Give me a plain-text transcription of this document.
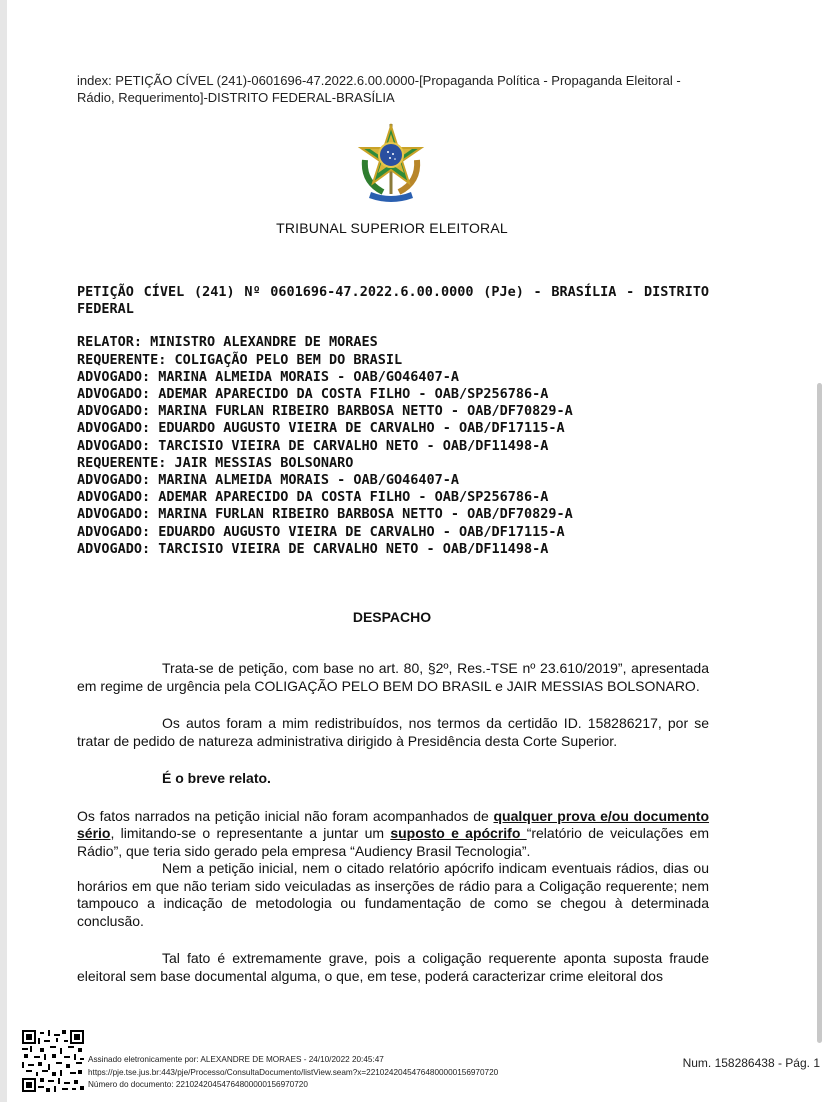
index: PETIÇÃO CÍVEL (241)-0601696-47.2022.6.00.0000-[Propaganda Política - Propaganda Eleitoral - Rádio, Requerimento]-DISTRITO FEDERAL-BRASÍLIA
TRIBUNAL SUPERIOR ELEITORAL
PETIÇÃO CÍVEL (241) Nº 0601696-47.2022.6.00.0000 (PJe) - BRASÍLIA - DISTRITO FEDERAL
RELATOR: MINISTRO ALEXANDRE DE MORAES
REQUERENTE: COLIGAÇÃO PELO BEM DO BRASIL
ADVOGADO: MARINA ALMEIDA MORAIS - OAB/GO46407-A
ADVOGADO: ADEMAR APARECIDO DA COSTA FILHO - OAB/SP256786-A
ADVOGADO: MARINA FURLAN RIBEIRO BARBOSA NETTO - OAB/DF70829-A
ADVOGADO: EDUARDO AUGUSTO VIEIRA DE CARVALHO - OAB/DF17115-A
ADVOGADO: TARCISIO VIEIRA DE CARVALHO NETO - OAB/DF11498-A
REQUERENTE: JAIR MESSIAS BOLSONARO
ADVOGADO: MARINA ALMEIDA MORAIS - OAB/GO46407-A
ADVOGADO: ADEMAR APARECIDO DA COSTA FILHO - OAB/SP256786-A
ADVOGADO: MARINA FURLAN RIBEIRO BARBOSA NETTO - OAB/DF70829-A
ADVOGADO: EDUARDO AUGUSTO VIEIRA DE CARVALHO - OAB/DF17115-A
ADVOGADO: TARCISIO VIEIRA DE CARVALHO NETO - OAB/DF11498-A
DESPACHO

Trata-se de petição, com base no art. 80, §2º, Res.-TSE nº 23.610/2019”, apresentada em regime de urgência pela COLIGAÇÃO PELO BEM DO BRASIL e JAIR MESSIAS BOLSONARO.

Os autos foram a mim redistribuídos, nos termos da certidão ID. 158286217, por se tratar de pedido de natureza administrativa dirigido à Presidência desta Corte Superior.

É o breve relato.

Os fatos narrados na petição inicial não foram acompanhados de qualquer prova e/ou documento sério, limitando-se o representante a juntar um suposto e apócrifo “relatório de veiculações em Rádio”, que teria sido gerado pela empresa “Audiency Brasil Tecnologia”.

Nem a petição inicial, nem o citado relatório apócrifo indicam eventuais rádios, dias ou horários em que não teriam sido veiculadas as inserções de rádio para a Coligação requerente; nem tampouco a indicação de metodologia ou fundamentação de como se chegou à determinada conclusão.

Tal fato é extremamente grave, pois a coligação requerente aponta suposta fraude eleitoral sem base documental alguma, o que, em tese, poderá caracterizar crime eleitoral dos

Assinado eletronicamente por: ALEXANDRE DE MORAES - 24/10/2022 20:45:47
https://pje.tse.jus.br:443/pje/Processo/ConsultaDocumento/listView.seam?x=22102420454764800000156970720
Número do documento: 22102420454764800000156970720
Num. 158286438 - Pág. 1
